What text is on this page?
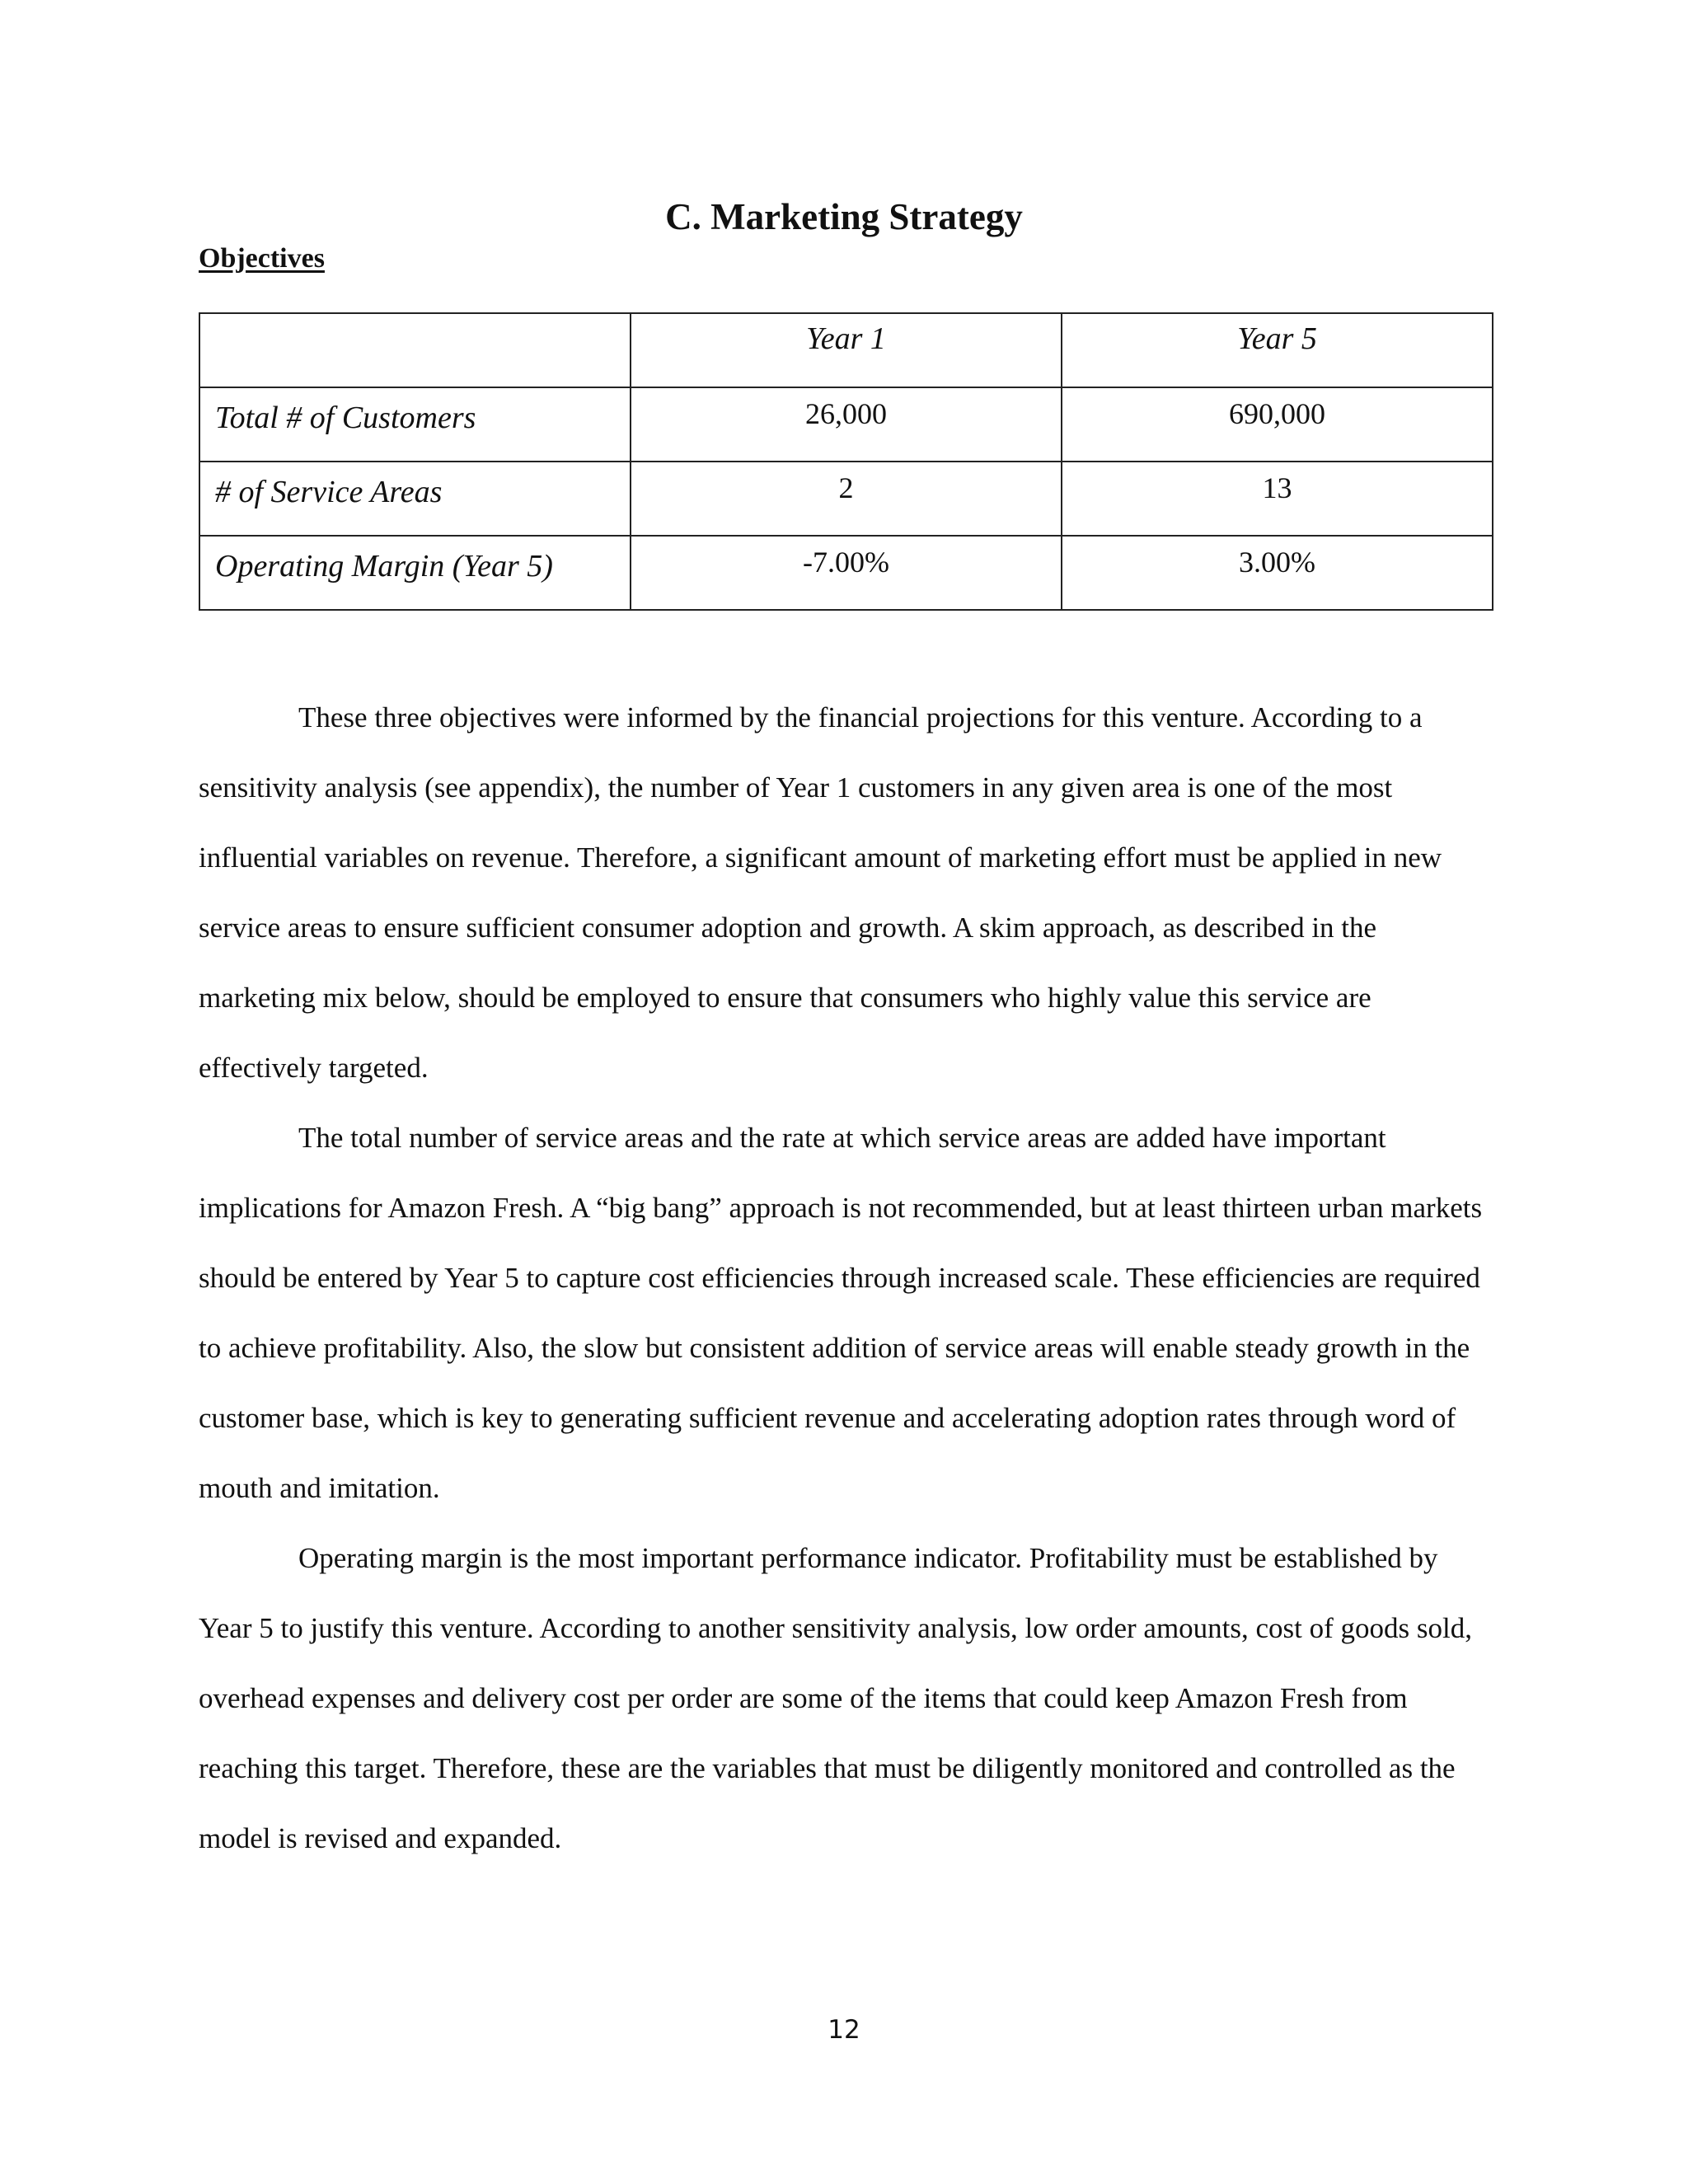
C. Marketing Strategy
Objectives
	Year 1	Year 5
Total # of Customers	26,000	690,000
# of Service Areas	2	13
Operating Margin (Year 5)	-7.00%	3.00%

These three objectives were informed by the financial projections for this venture. According to a sensitivity analysis (see appendix), the number of Year 1 customers in any given area is one of the most influential variables on revenue. Therefore, a significant amount of marketing effort must be applied in new service areas to ensure sufficient consumer adoption and growth. A skim approach, as described in the marketing mix below, should be employed to ensure that consumers who highly value this service are effectively targeted.

The total number of service areas and the rate at which service areas are added have important implications for Amazon Fresh. A “big bang” approach is not recommended, but at least thirteen urban markets should be entered by Year 5 to capture cost efficiencies through increased scale. These efficiencies are required to achieve profitability. Also, the slow but consistent addition of service areas will enable steady growth in the customer base, which is key to generating sufficient revenue and accelerating adoption rates through word of mouth and imitation.

Operating margin is the most important performance indicator. Profitability must be established by Year 5 to justify this venture. According to another sensitivity analysis, low order amounts, cost of goods sold, overhead expenses and delivery cost per order are some of the items that could keep Amazon Fresh from reaching this target. Therefore, these are the variables that must be diligently monitored and controlled as the model is revised and expanded.

12
